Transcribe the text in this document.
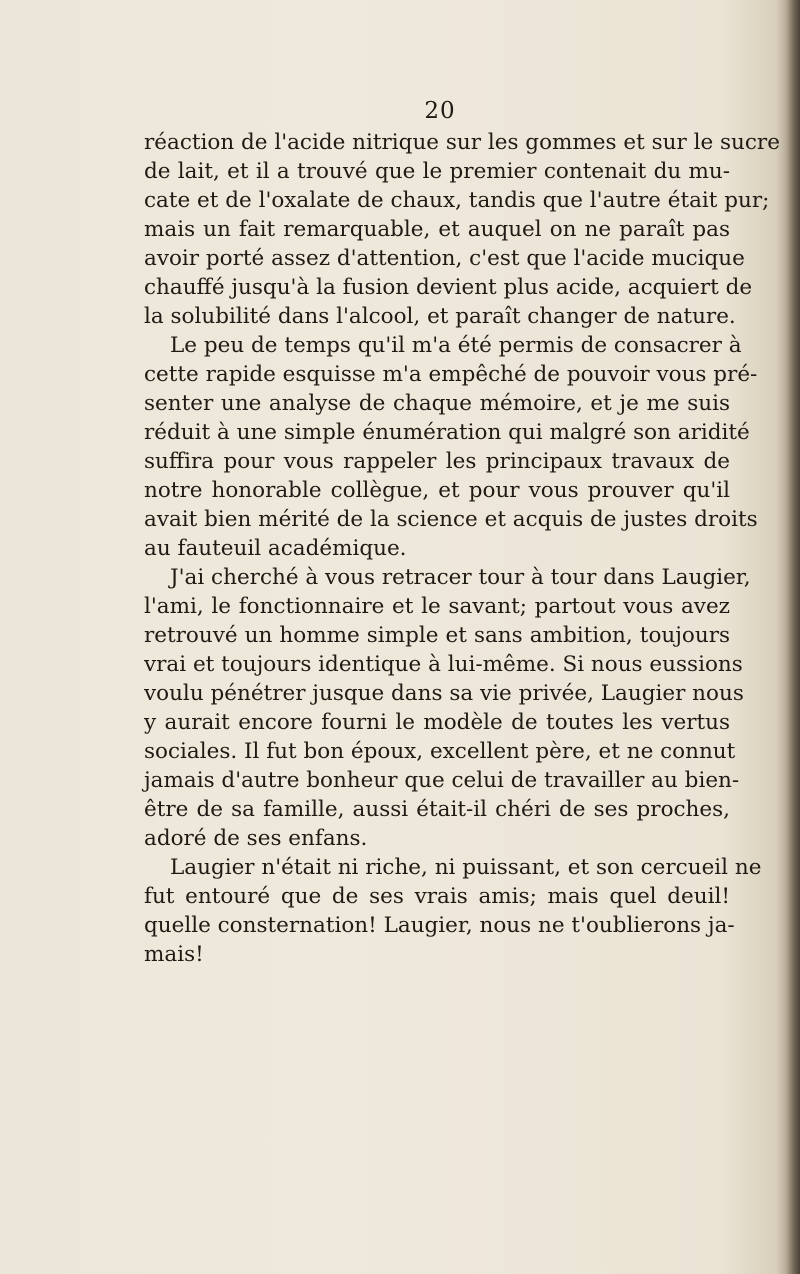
20
réaction de l'acide nitrique sur les gommes et sur le sucre
de lait, et il a trouvé que le premier contenait du mu-
cate et de l'oxalate de chaux, tandis que l'autre était pur;
mais un fait remarquable, et auquel on ne paraît pas
avoir porté assez d'attention, c'est que l'acide mucique
chauffé jusqu'à la fusion devient plus acide, acquiert de
la solubilité dans l'alcool, et paraît changer de nature.
Le peu de temps qu'il m'a été permis de consacrer à
cette rapide esquisse m'a empêché de pouvoir vous pré-
senter une analyse de chaque mémoire, et je me suis
réduit à une simple énumération qui malgré son aridité
suffira pour vous rappeler les principaux travaux de
notre honorable collègue, et pour vous prouver qu'il
avait bien mérité de la science et acquis de justes droits
au fauteuil académique.
J'ai cherché à vous retracer tour à tour dans Laugier,
l'ami, le fonctionnaire et le savant; partout vous avez
retrouvé un homme simple et sans ambition, toujours
vrai et toujours identique à lui-même. Si nous eussions
voulu pénétrer jusque dans sa vie privée, Laugier nous
y aurait encore fourni le modèle de toutes les vertus
sociales. Il fut bon époux, excellent père, et ne connut
jamais d'autre bonheur que celui de travailler au bien-
être de sa famille, aussi était-il chéri de ses proches,
adoré de ses enfans.
Laugier n'était ni riche, ni puissant, et son cercueil ne
fut entouré que de ses vrais amis; mais quel deuil!
quelle consternation! Laugier, nous ne t'oublierons ja-
mais!
